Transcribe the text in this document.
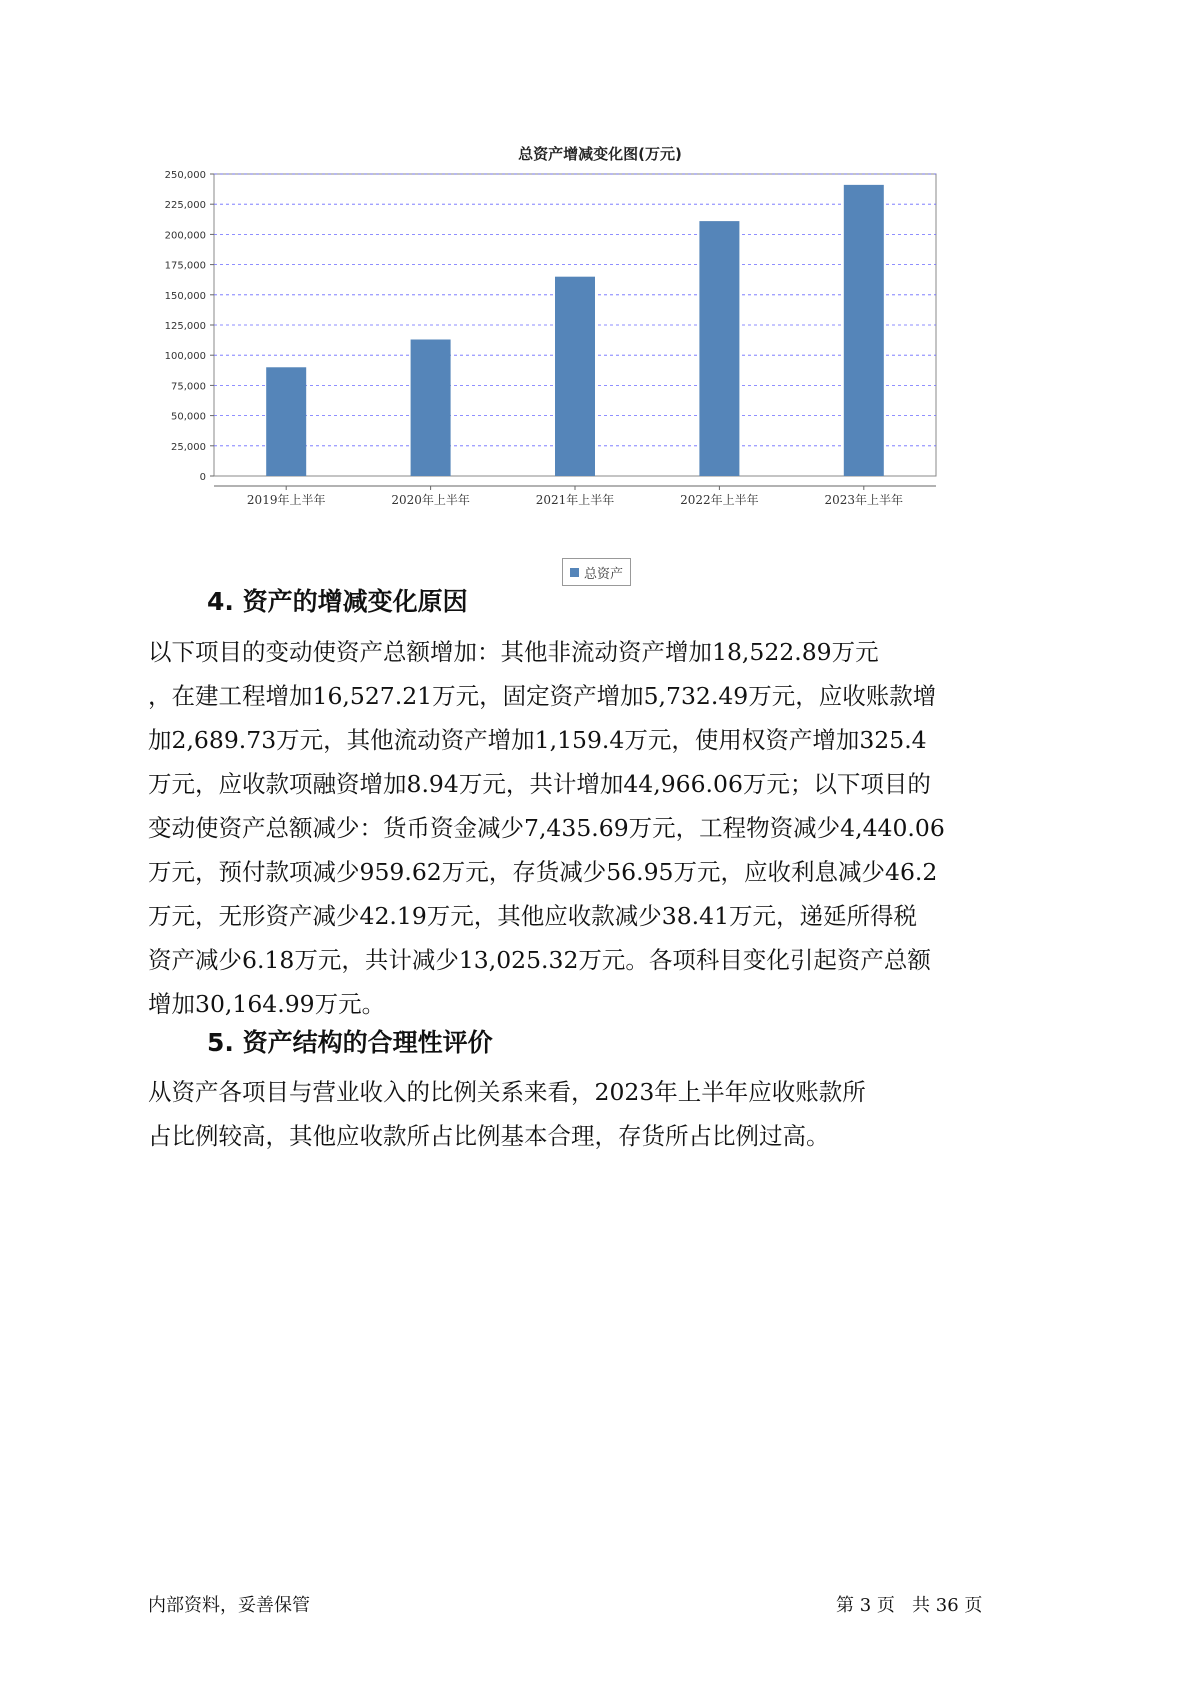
总资产增减变化图(万元)
0
25,000
50,000
75,000
100,000
125,000
150,000
175,000
200,000
225,000
250,000
2019年上半年	2020年上半年	2021年上半年	2022年上半年	2023年上半年
总资产
4. 资产的增减变化原因
以下项目的变动使资产总额增加：其他非流动资产增加18,522.89万元
，在建工程增加16,527.21万元，固定资产增加5,732.49万元，应收账款增
加2,689.73万元，其他流动资产增加1,159.4万元，使用权资产增加325.4
万元，应收款项融资增加8.94万元，共计增加44,966.06万元；以下项目的
变动使资产总额减少：货币资金减少7,435.69万元，工程物资减少4,440.06
万元，预付款项减少959.62万元，存货减少56.95万元，应收利息减少46.2
万元，无形资产减少42.19万元，其他应收款减少38.41万元，递延所得税
资产减少6.18万元，共计减少13,025.32万元。各项科目变化引起资产总额
增加30,164.99万元。
5. 资产结构的合理性评价
从资产各项目与营业收入的比例关系来看，2023年上半年应收账款所
占比例较高，其他应收款所占比例基本合理，存货所占比例过高。
内部资料，妥善保管	第 3 页   共 36 页
